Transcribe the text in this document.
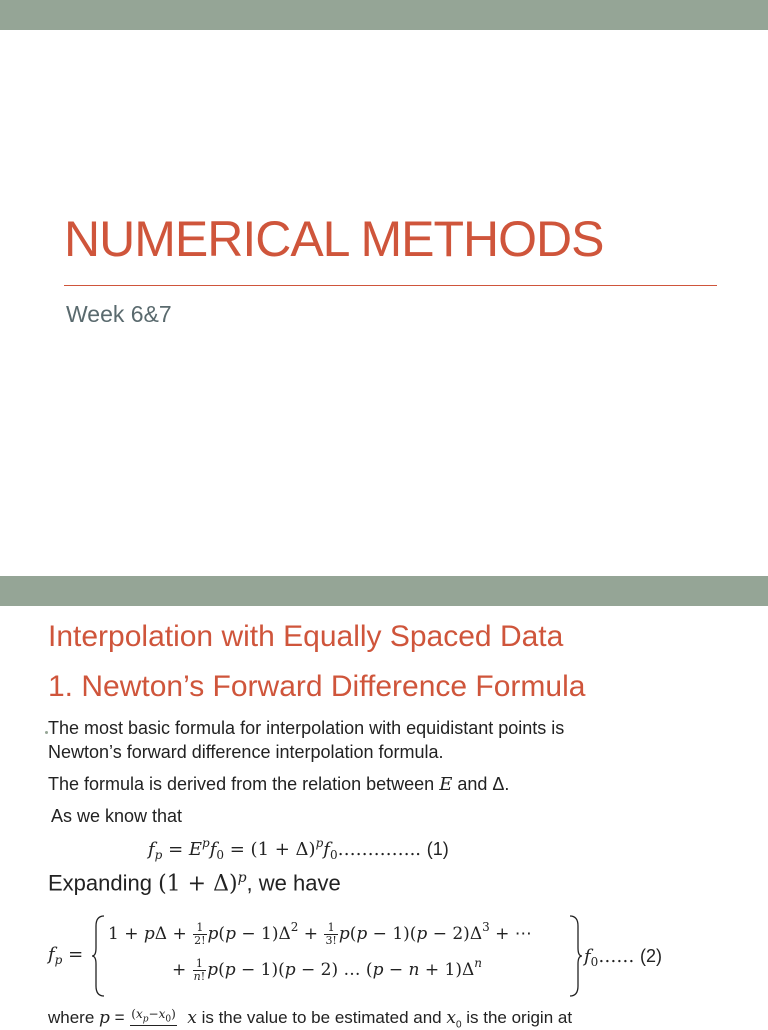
NUMERICAL METHODS
Week 6&7
Interpolation with Equally Spaced Data
1. Newton’s Forward Difference Formula
The most basic formula for interpolation with equidistant points is
Newton’s forward difference interpolation formula.
The formula is derived from the relation between E and Δ.
As we know that
$f_p = E^pf_0 = (1$ + $\Delta)^pf_0\dots\dots\dots\dots$.. (1)
Expanding $(1 + \Delta)^p$, we have
$f_p$ =
$1 + p\Delta + \frac{1}{2!} p(p - 1)\Delta^2 + \frac{1}{3!} p(p - 1)(p - 2)\Delta^3$ + ⋯
+ $\frac{1}{n!} p(p - 1)(p - 2)$ … $(p - n + 1)\Delta^n$	$f_0\dots\dots$ (2)
where $p = (x_p-x_0)$ x is the value to be estimated and $x_0$ is the origin at
